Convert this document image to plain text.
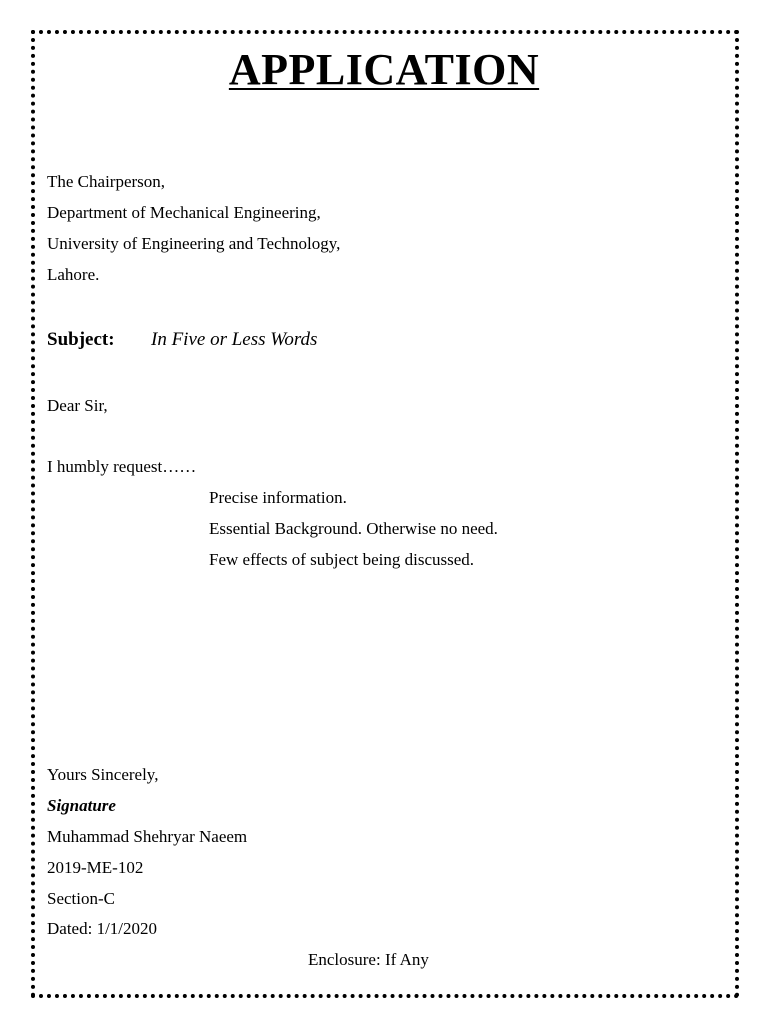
APPLICATION
The Chairperson,
Department of Mechanical Engineering,
University of Engineering and Technology,
Lahore.
Subject: In Five or Less Words
Dear Sir,
I humbly request……
Precise information.
Essential Background. Otherwise no need.
Few effects of subject being discussed.
Yours Sincerely,
Signature
Muhammad Shehryar Naeem
2019-ME-102
Section-C
Dated: 1/1/2020
Enclosure: If Any
